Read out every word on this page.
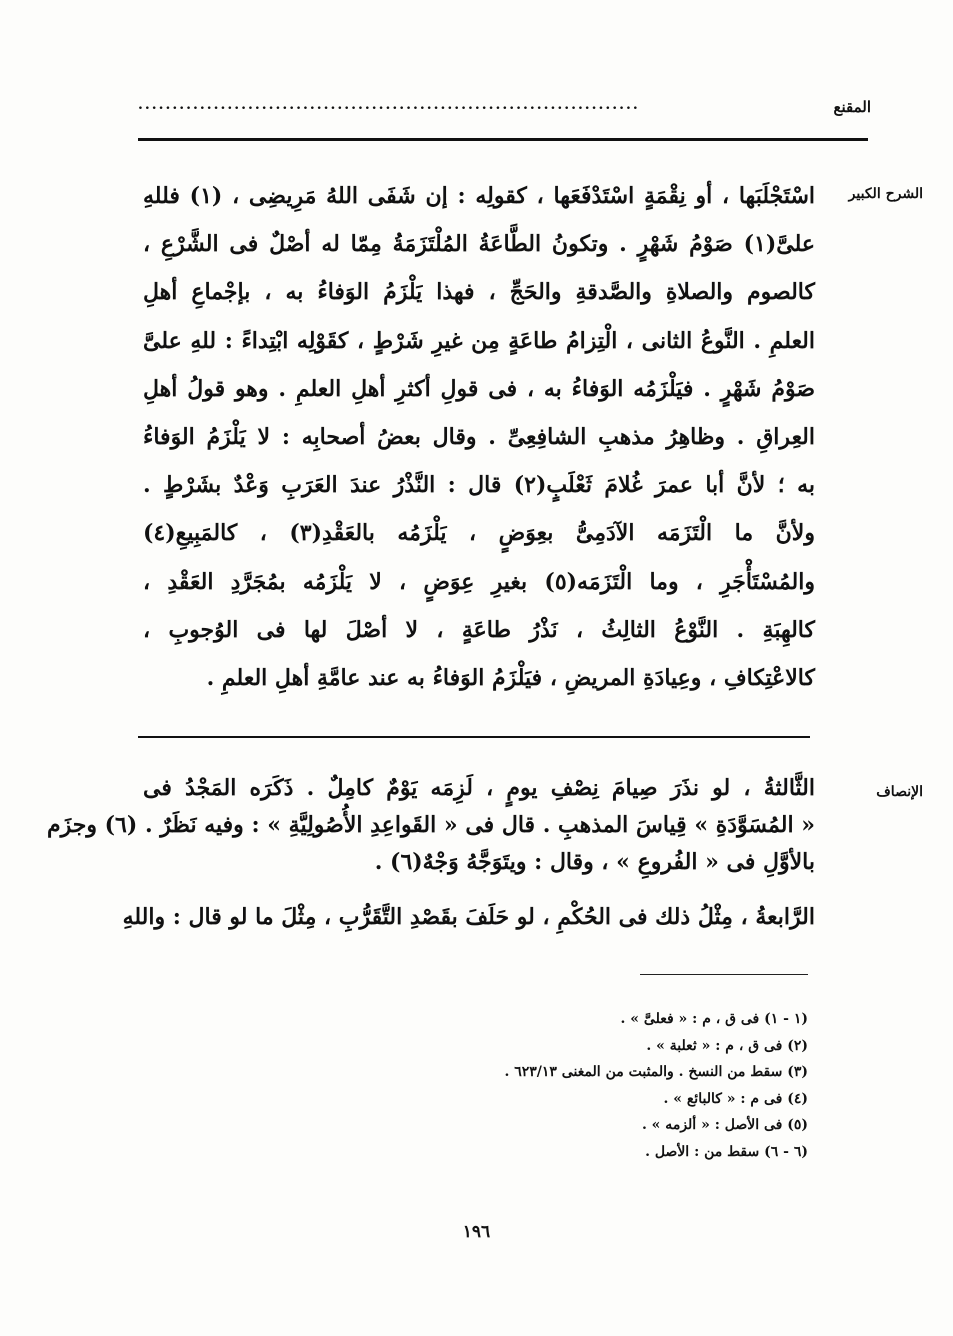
المقنع
.........................................................................
الشرح الكبير
اسْتَجْلَبَها ، أو نِقْمَةٍ اسْتَدْفَعَها ، كقولِه : إن شَفَى اللهُ مَرِيضِى ، (١) فللهِ
علىَّ(١) صَوْمُ شَهْرٍ . وتكونُ الطَّاعَةُ المُلْتَزَمَةُ مِمّا له أصْلٌ فى الشَّرْعِ ،
كالصوم والصلاةِ والصَّدقةِ والحَجِّ ، فهذا يَلْزَمُ الوَفاءُ به ، بإجْماعِ أهلِ
العلمِ . النَّوعُ الثانى ، الْتِزامُ طاعَةٍ مِن غيرِ شَرْطٍ ، كقَوْلِه ابْتِداءً : للهِ علىَّ
صَوْمُ شَهْرٍ . فيَلْزَمُه الوَفاءُ به ، فى قولِ أكثرِ أهلِ العلمِ . وهو قولُ أهلِ
العِراقِ . وظاهِرُ مذهبِ الشافِعِىِّ . وقال بعضُ أصحابِه : لا يَلْزَمُ الوَفاءُ
به ؛ لأنَّ أبا عمرَ غُلامَ ثَعْلَبٍ(٢) قال : النَّذْرُ عندَ العَرَبِ وَعْدٌ بشَرْطٍ .
ولأنَّ ما الْتَزَمَه الآدَمِىُّ بعِوَضٍ ، يَلْزَمُه بالعَقْدِ(٣) ، كالمَبِيعِ(٤)
والمُسْتَأْجَرِ ، وما الْتَزَمَه(٥) بغيرِ عِوَضٍ ، لا يَلْزَمُه بمُجَرَّدِ العَقْدِ ،
كالهِبَةِ . النَّوْعُ الثالِثُ ، نَذْرُ طاعَةٍ ، لا أصْلَ لها فى الوُجوبِ ،
كالاعْتِكافِ ، وعِيادَةِ المريضِ ، فيَلْزَمُ الوَفاءُ به عند عامَّةِ أهلِ العلمِ .
الإنصاف
الثَّالثةُ ، لو نذَرَ صِيامَ نِصْفِ يومٍ ، لَزِمَه يَوْمٌ كامِلٌ . ذَكَرَه المَجْدُ فى
« المُسَوَّدَةِ » قِياسَ المذهبِ . قال فى « القَواعِدِ الأُصُولِيَّةِ » : وفيه نَظَرٌ . (٦) وجزَم
بالأوَّلِ فى « الفُروعِ » ، وقال : ويتَوَجَّهُ وَجْهٌ(٦) .
الرَّابعةُ ، مِثْلُ ذلك فى الحُكْمِ ، لو حَلَفَ بقَصْدِ التَّقَرُّبِ ، مِثْلَ ما لو قال : واللهِ
(١ - ١) فى ق ، م : « فعلىَّ » .
(٢) فى ق ، م : « ثعلبة » .
(٣) سقط من النسخ . والمثبت من المغنى ٦٢٣/١٣ .
(٤) فى م : « كالبائع » .
(٥) فى الأصل : « ألزمه » .
(٦ - ٦) سقط من : الأصل .
١٩٦
